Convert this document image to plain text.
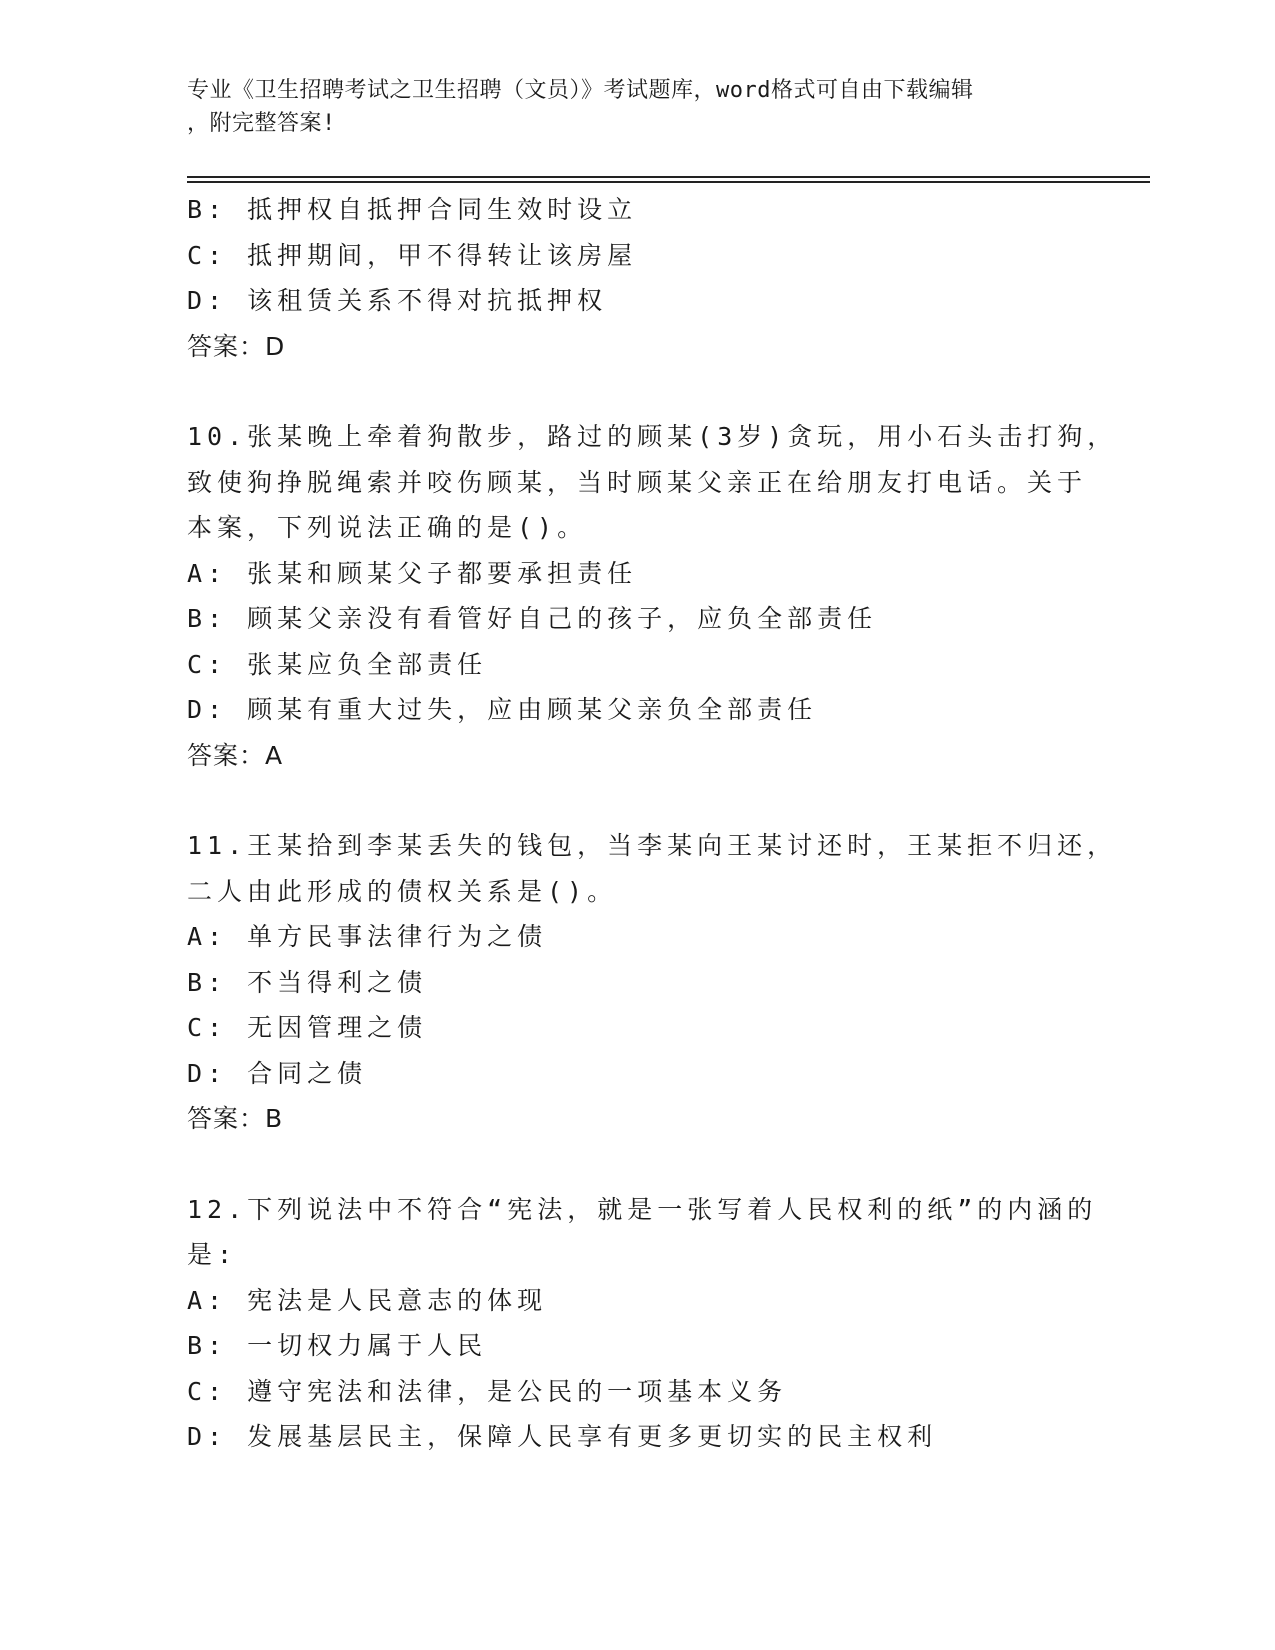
专业《卫生招聘考试之卫生招聘（文员）》考试题库，word格式可自由下载编辑
，附完整答案!
B: 抵押权自抵押合同生效时设立
C: 抵押期间，甲不得转让该房屋
D: 该租赁关系不得对抗抵押权
答案：D
10.张某晚上牵着狗散步，路过的顾某(3岁)贪玩，用小石头击打狗，
致使狗挣脱绳索并咬伤顾某，当时顾某父亲正在给朋友打电话。关于
本案，下列说法正确的是()。
A: 张某和顾某父子都要承担责任
B: 顾某父亲没有看管好自己的孩子，应负全部责任
C: 张某应负全部责任
D: 顾某有重大过失，应由顾某父亲负全部责任
答案：A
11.王某拾到李某丢失的钱包，当李某向王某讨还时，王某拒不归还，
二人由此形成的债权关系是()。
A: 单方民事法律行为之债
B: 不当得利之债
C: 无因管理之债
D: 合同之债
答案：B
12.下列说法中不符合“宪法，就是一张写着人民权利的纸”的内涵的
是:
A: 宪法是人民意志的体现
B: 一切权力属于人民
C: 遵守宪法和法律，是公民的一项基本义务
D: 发展基层民主，保障人民享有更多更切实的民主权利
